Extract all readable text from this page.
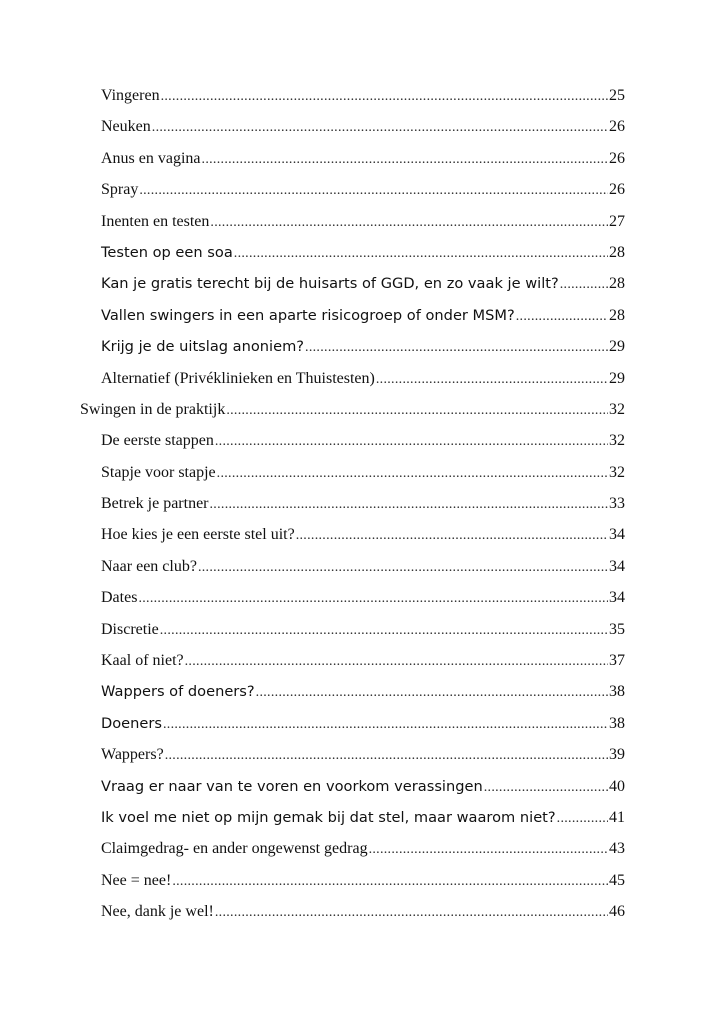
Vingeren .....	25
Neuken .....	26
Anus en vagina .....	26
Spray .....	26
Inenten en testen .....	27
Testen op een soa .....	28
Kan je gratis terecht bij de huisarts of GGD, en zo vaak je wilt? .....	28
Vallen swingers in een aparte risicogroep of onder MSM? .....	28
Krijg je de uitslag anoniem? .....	29
Alternatief (Privéklinieken en Thuistesten) .....	29
Swingen in de praktijk .....	32
De eerste stappen .....	32
Stapje voor stapje .....	32
Betrek je partner .....	33
Hoe kies je een eerste stel uit? .....	34
Naar een club? .....	34
Dates .....	34
Discretie .....	35
Kaal of niet? .....	37
Wappers of doeners? .....	38
Doeners .....	38
Wappers? .....	39
Vraag er naar van te voren en voorkom verassingen .....	40
Ik voel me niet op mijn gemak bij dat stel, maar waarom niet? .....	41
Claimgedrag- en ander ongewenst gedrag .....	43
Nee = nee! .....	45
Nee, dank je wel! .....	46
